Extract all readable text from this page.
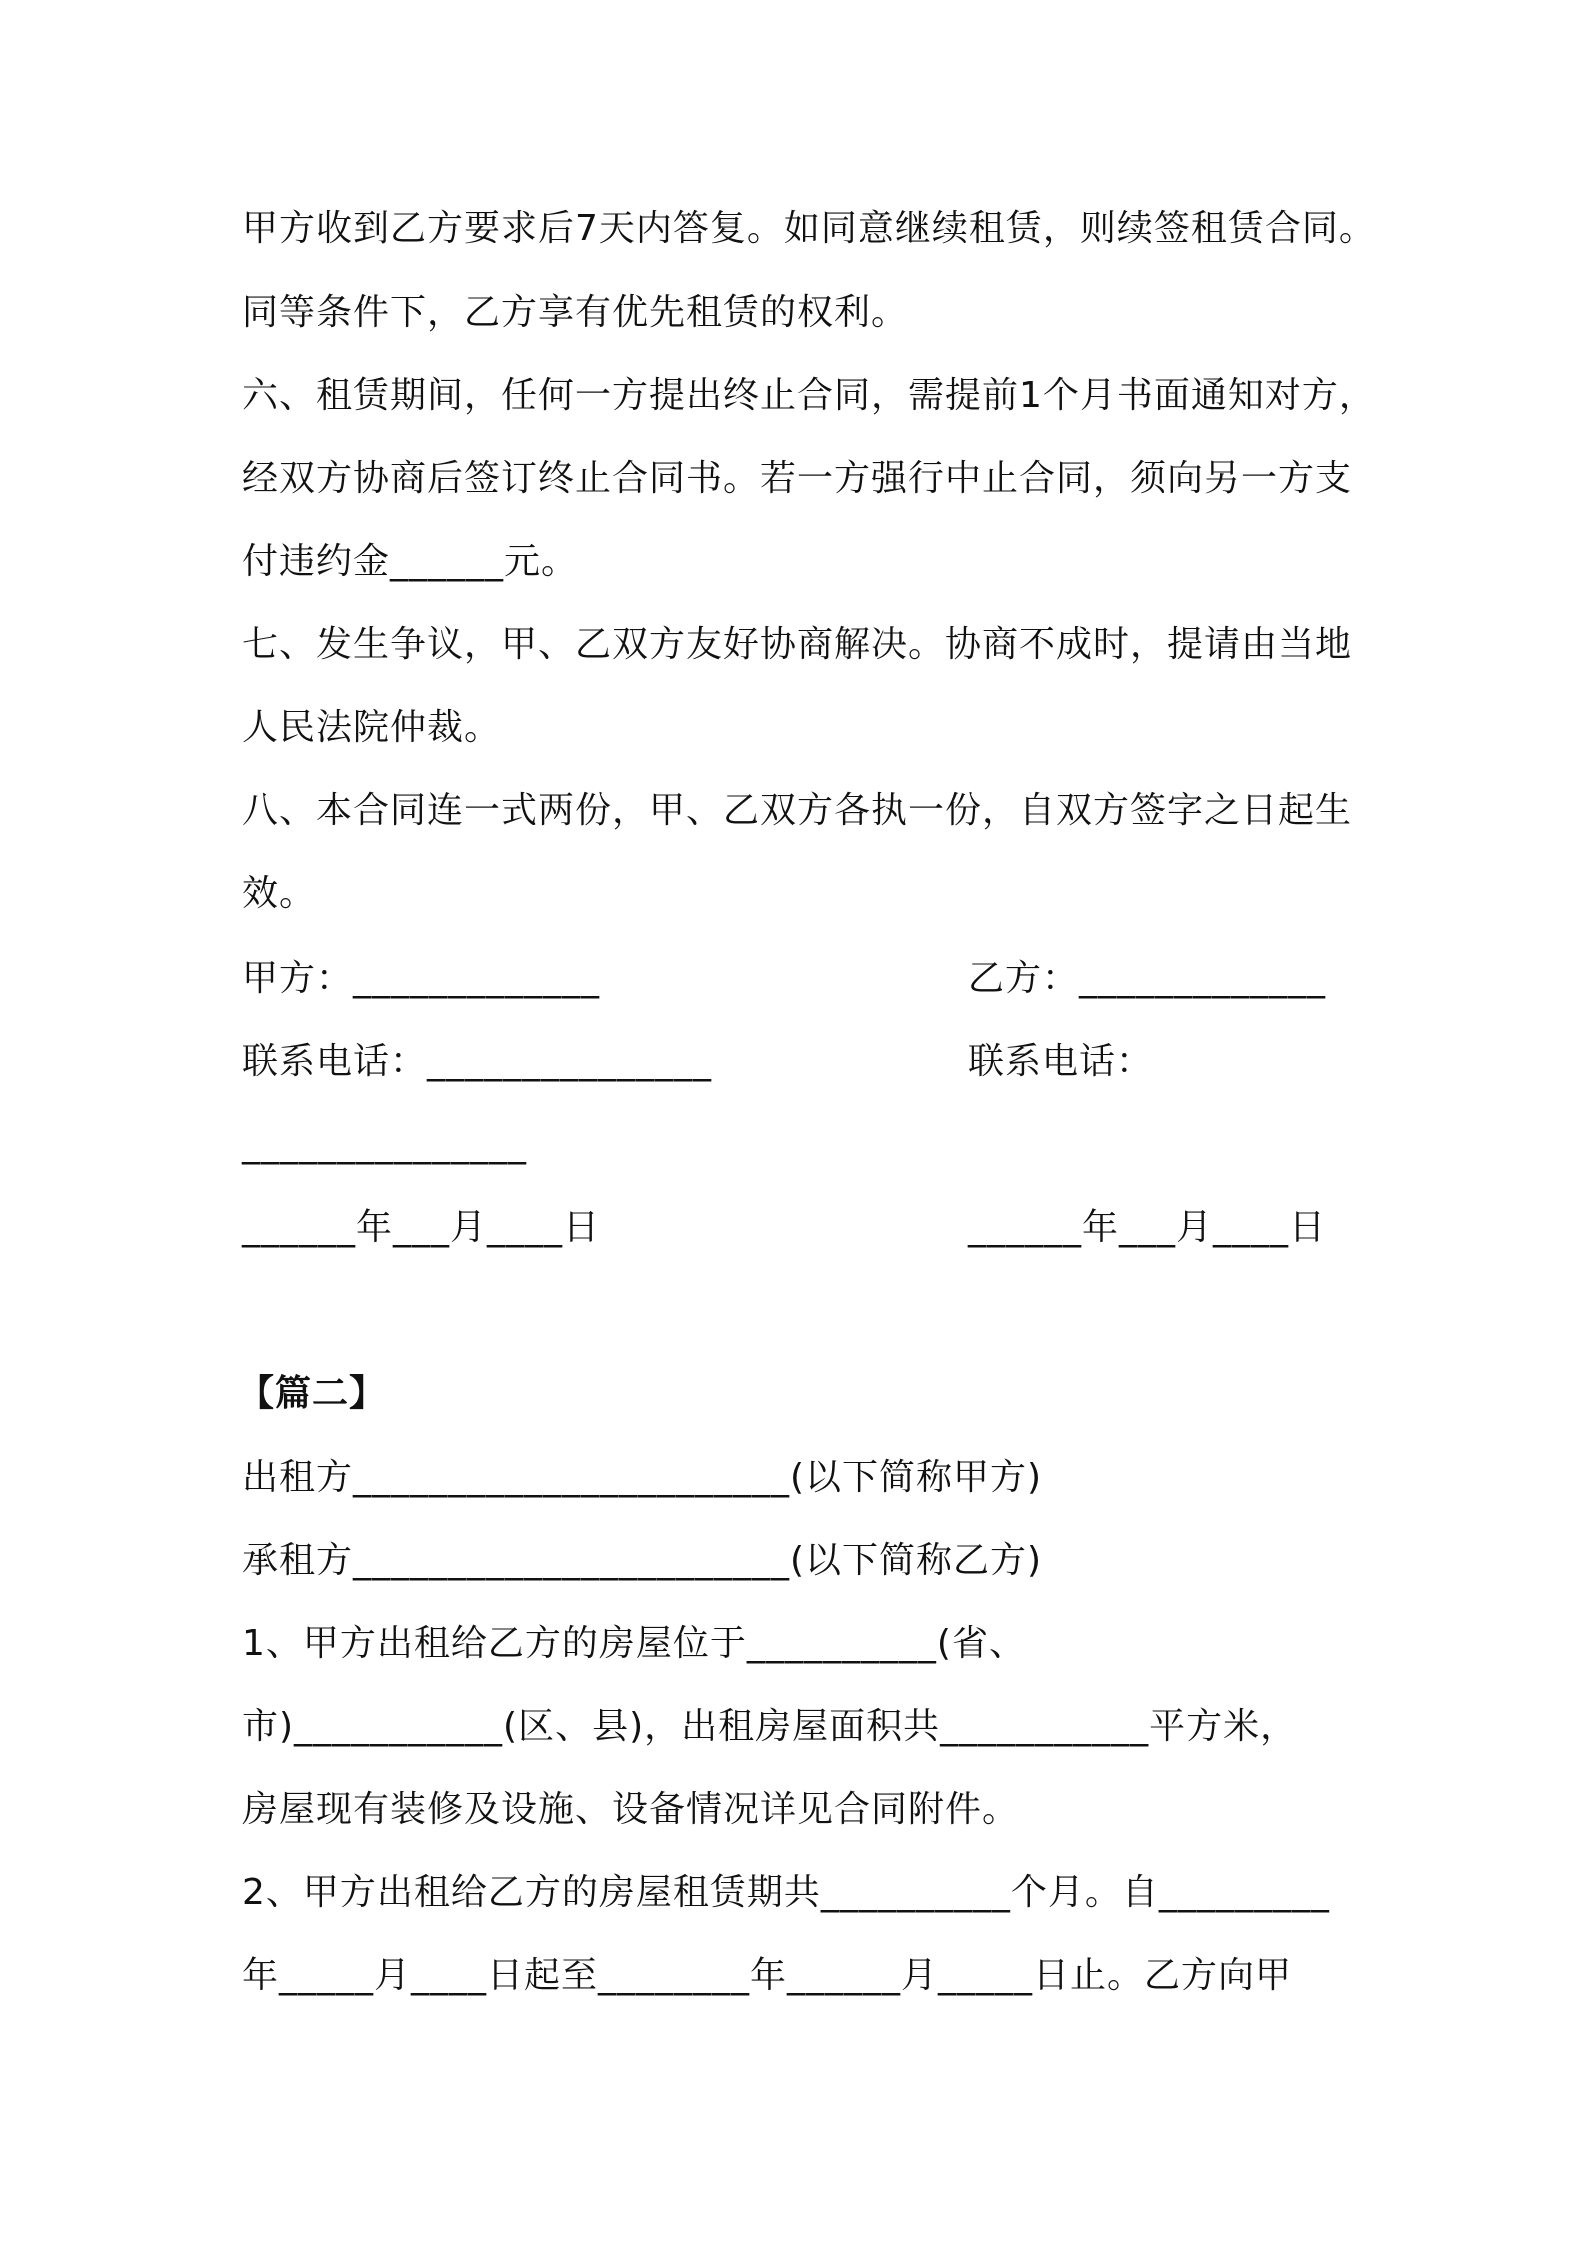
甲方收到乙方要求后7天内答复。如同意继续租赁，则续签租赁合同。
同等条件下，乙方享有优先租赁的权利。
六、租赁期间，任何一方提出终止合同，需提前1个月书面通知对方，
经双方协商后签订终止合同书。若一方强行中止合同，须向另一方支
付违约金______元。
七、发生争议，甲、乙双方友好协商解决。协商不成时，提请由当地
人民法院仲裁。
八、本合同连一式两份，甲、乙双方各执一份，自双方签字之日起生
效。
甲方：_____________	乙方：_____________
联系电话：_______________	联系电话：
_______________
______年___月____日	______年___月____日
【篇二】
出租方_______________________(以下简称甲方)
承租方_______________________(以下简称乙方)
1、甲方出租给乙方的房屋位于__________(省、
市)___________(区、县)，出租房屋面积共___________平方米，
房屋现有装修及设施、设备情况详见合同附件。
2、甲方出租给乙方的房屋租赁期共__________个月。自_________
年_____月____日起至________年______月_____日止。乙方向甲
